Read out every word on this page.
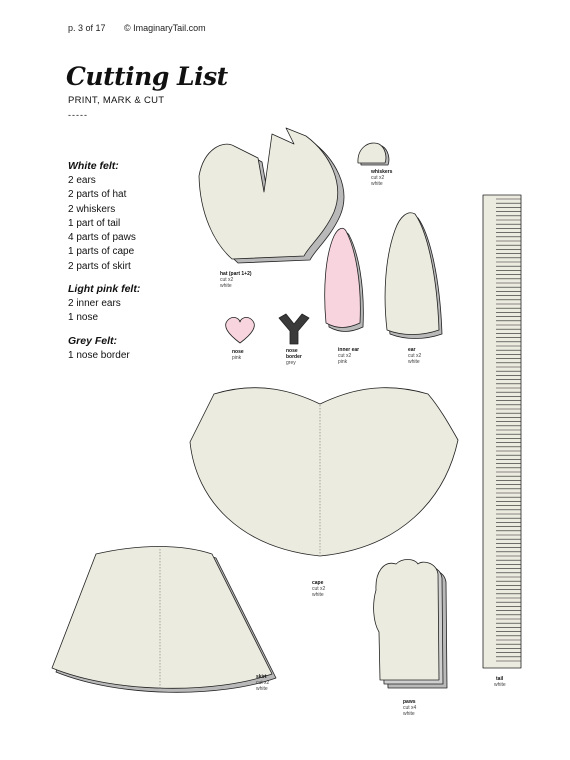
p. 3 of 17 © ImaginaryTail.com
Cutting List
PRINT, MARK & CUT
-----
White felt:
2 ears
2 parts of hat
2 whiskers
1 part of tail
4 parts of paws
1 parts of cape
2 parts of skirt
Light pink felt:
2 inner ears
1 nose
Grey Felt:
1 nose border
whiskers
cut x2
white
hat (part 1+2)
cut x2
white
inner ear
cut x2
pink
ear
cut x2
white
nose
pink
nose
border
grey
cape
cut x2
white
skirt
cut x2
white
paws
cut x4
white
tail
white
